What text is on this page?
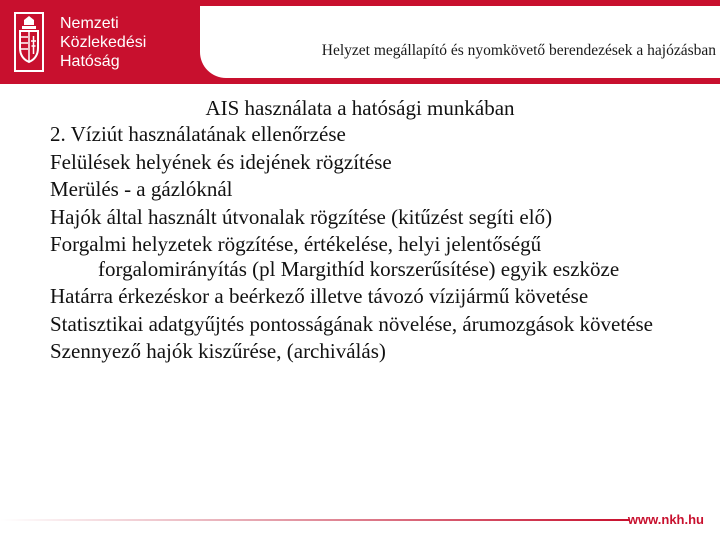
Nemzeti
Közlekedési
Hatóság
Helyzet megállapító és nyomkövető berendezések a hajózásban
AIS használata a hatósági munkában
2. Víziút használatának ellenőrzése
Felülések helyének és idejének rögzítése
Merülés - a gázlóknál
Hajók által használt útvonalak rögzítése (kitűzést segíti elő)
Forgalmi helyzetek rögzítése, értékelése, helyi jelentőségű forgalomirányítás (pl Margithíd korszerűsítése) egyik eszköze
Határra érkezéskor a beérkező illetve távozó vízijármű követése
Statisztikai adatgyűjtés pontosságának növelése, árumozgások követése
Szennyező hajók kiszűrése, (archiválás)
www.nkh.hu
